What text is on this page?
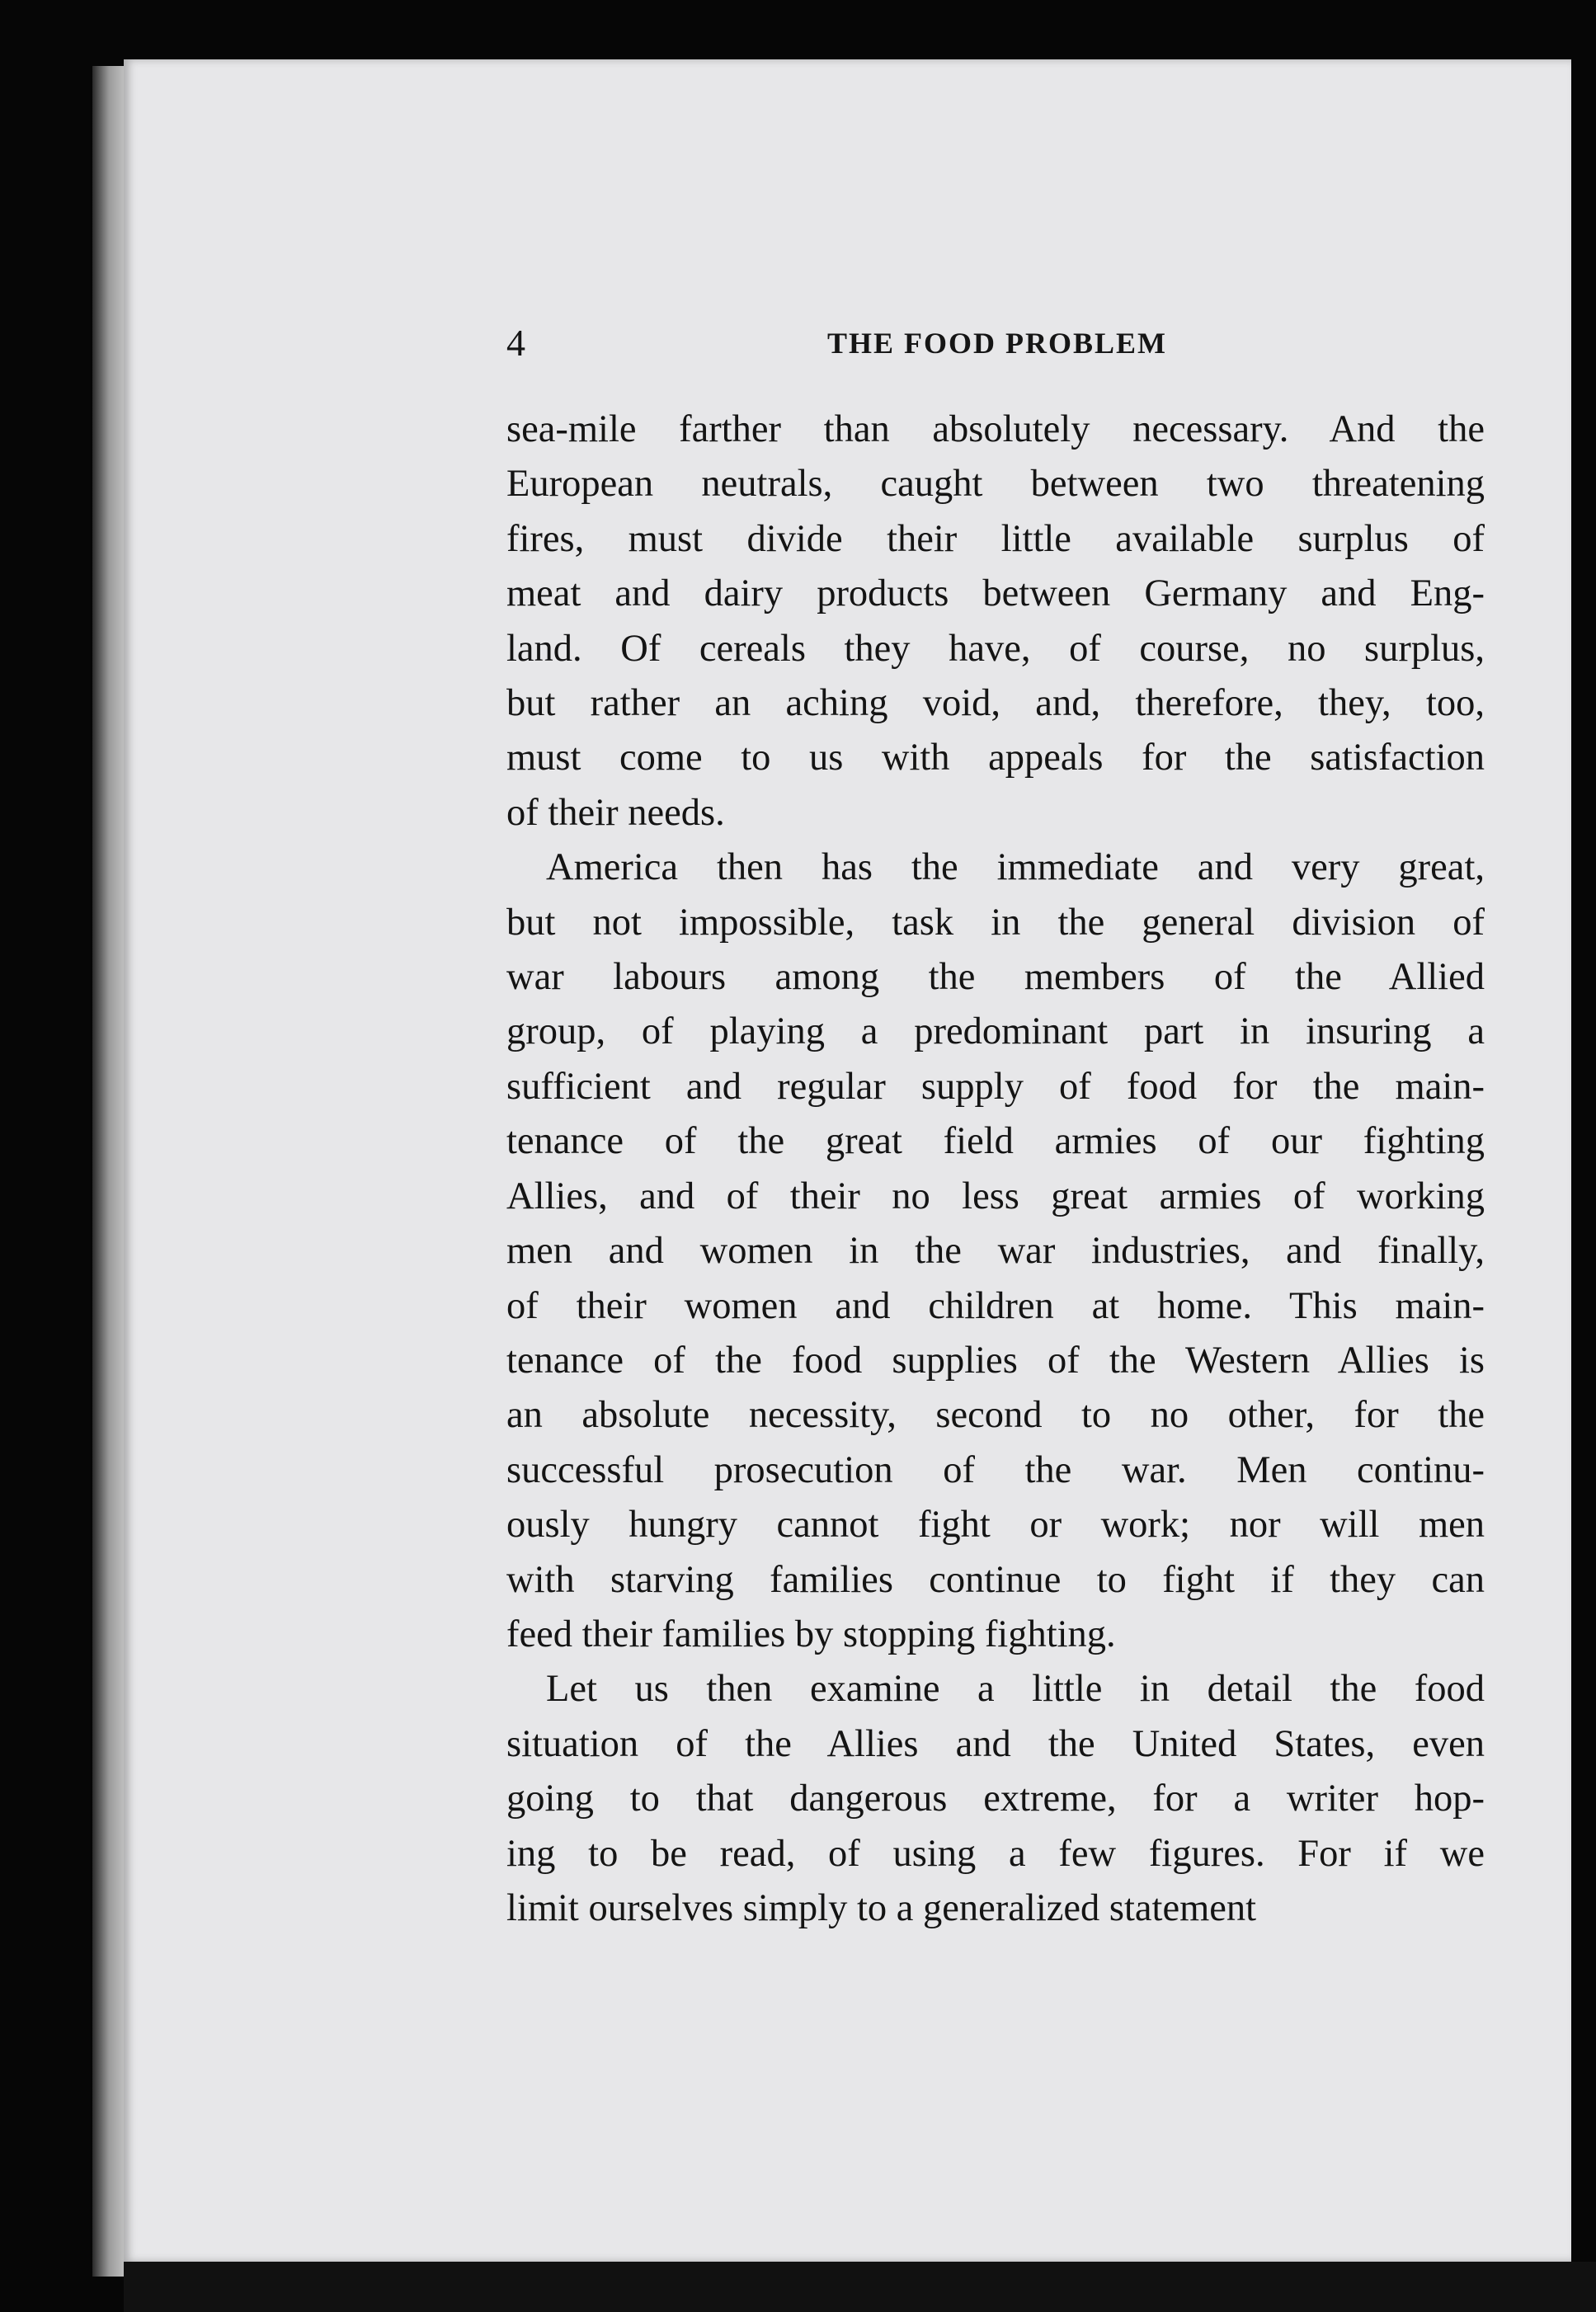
4	THE FOOD PROBLEM
sea-mile farther than absolutely necessary. And the
European neutrals, caught between two threatening
fires, must divide their little available surplus of
meat and dairy products between Germany and Eng-
land. Of cereals they have, of course, no surplus,
but rather an aching void, and, therefore, they, too,
must come to us with appeals for the satisfaction
of their needs.
America then has the immediate and very great,
but not impossible, task in the general division of
war labours among the members of the Allied
group, of playing a predominant part in insuring a
sufficient and regular supply of food for the main-
tenance of the great field armies of our fighting
Allies, and of their no less great armies of working
men and women in the war industries, and finally,
of their women and children at home. This main-
tenance of the food supplies of the Western Allies is
an absolute necessity, second to no other, for the
successful prosecution of the war. Men continu-
ously hungry cannot fight or work; nor will men
with starving families continue to fight if they can
feed their families by stopping fighting.
Let us then examine a little in detail the food
situation of the Allies and the United States, even
going to that dangerous extreme, for a writer hop-
ing to be read, of using a few figures. For if we
limit ourselves simply to a generalized statement
